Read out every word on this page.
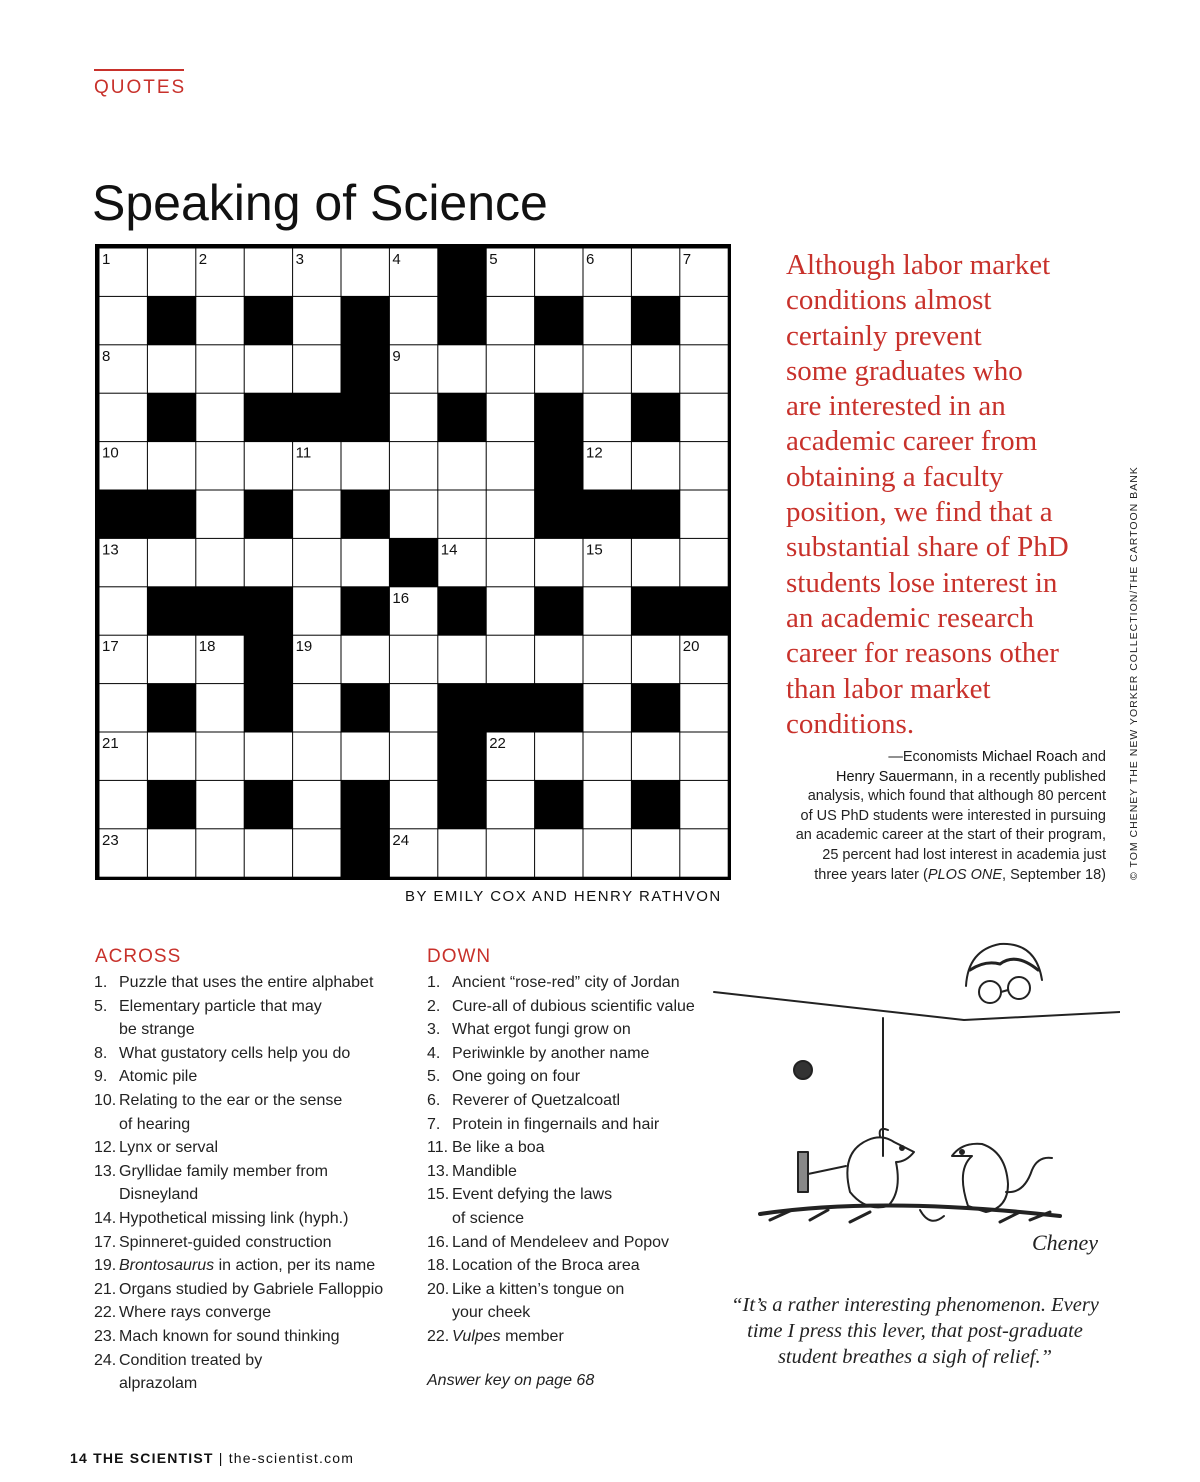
QUOTES
Speaking of Science
1	2	3	4	5	6	7
8	9
10	11	12
13	14	15
16
17	18	19	20
21	22
23	24
BY EMILY COX AND HENRY RATHVON
Although labor market
conditions almost
certainly prevent
some graduates who
are interested in an
academic career from
obtaining a faculty
position, we find that a
substantial share of PhD
students lose interest in
an academic research
career for reasons other
than labor market
conditions.
—Economists Michael Roach and
Henry Sauermann, in a recently published
analysis, which found that although 80 percent
of US PhD students were interested in pursuing
an academic career at the start of their program,
25 percent had lost interest in academia just
three years later (PLOS ONE, September 18) © TOM CHENEY THE NEW YORKER COLLECTION/THE CARTOON BANK
ACROSS
1. Puzzle that uses the entire alphabet
5. Elementary particle that may
be strange
8. What gustatory cells help you do
9. Atomic pile
10. Relating to the ear or the sense
of hearing
12. Lynx or serval
13. Gryllidae family member from
Disneyland
14. Hypothetical missing link (hyph.)
17. Spinneret-guided construction
19. Brontosaurus in action, per its name
21. Organs studied by Gabriele Falloppio
22. Where rays converge
23. Mach known for sound thinking
24. Condition treated by
alprazolam
DOWN
1. Ancient “rose-red” city of Jordan
2. Cure-all of dubious scientific value
3. What ergot fungi grow on
4. Periwinkle by another name
5. One going on four
6. Reverer of Quetzalcoatl
7. Protein in fingernails and hair
11. Be like a boa
13. Mandible
15. Event defying the laws
of science
16. Land of Mendeleev and Popov
18. Location of the Broca area
20. Like a kitten’s tongue on
your cheek
22. Vulpes member
Answer key on page 68
Cheney
“It’s a rather interesting phenomenon. Every
time I press this lever, that post-graduate
student breathes a sigh of relief.”
14 THE SCIENTIST | the-scientist.com
